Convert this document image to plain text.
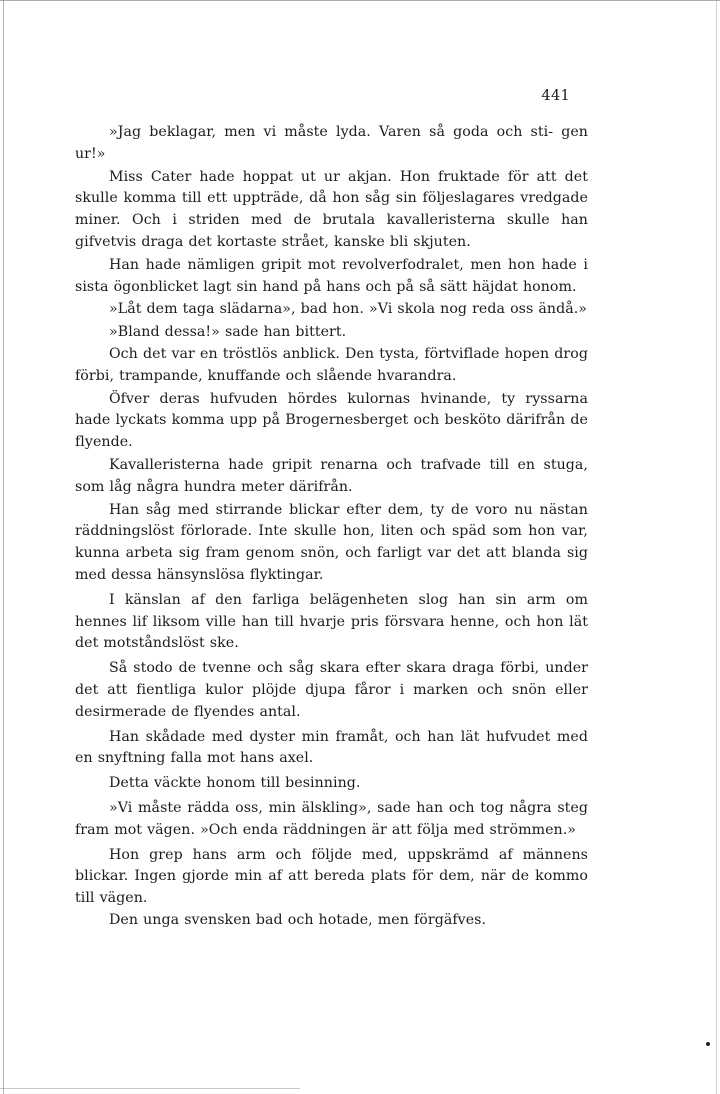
441

»Jag beklagar, men vi måste lyda. Varen så goda och sti- gen ur!»

Miss Cater hade hoppat ut ur akjan. Hon fruktade för att det skulle komma till ett uppträde, då hon såg sin följeslagares vredgade miner. Och i striden med de brutala kavalleristerna skulle han gifvetvis draga det kortaste strået, kanske bli skjuten.

Han hade nämligen gripit mot revolverfodralet, men hon hade i sista ögonblicket lagt sin hand på hans och på så sätt häjdat honom.

»Låt dem taga slädarna», bad hon. »Vi skola nog reda oss ändå.»

»Bland dessa!» sade han bittert.

Och det var en tröstlös anblick. Den tysta, förtviflade hopen drog förbi, trampande, knuffande och slående hvarandra.

Öfver deras hufvuden hördes kulornas hvinande, ty ryssarna hade lyckats komma upp på Brogernesberget och besköto därifrån de flyende.

Kavalleristerna hade gripit renarna och trafvade till en stuga, som låg några hundra meter därifrån.

Han såg med stirrande blickar efter dem, ty de voro nu nästan räddningslöst förlorade. Inte skulle hon, liten och späd som hon var, kunna arbeta sig fram genom snön, och farligt var det att blanda sig med dessa hänsynslösa flyktingar.

I känslan af den farliga belägenheten slog han sin arm om hennes lif liksom ville han till hvarje pris försvara henne, och hon lät det motståndslöst ske.

Så stodo de tvenne och såg skara efter skara draga förbi, under det att fientliga kulor plöjde djupa fåror i marken och snön eller desirmerade de flyendes antal.

Han skådade med dyster min framåt, och han lät hufvudet med en snyftning falla mot hans axel.

Detta väckte honom till besinning.

»Vi måste rädda oss, min älskling», sade han och tog några steg fram mot vägen. »Och enda räddningen är att följa med strömmen.»

Hon grep hans arm och följde med, uppskrämd af männens blickar. Ingen gjorde min af att bereda plats för dem, när de kommo till vägen.

Den unga svensken bad och hotade, men förgäfves.
